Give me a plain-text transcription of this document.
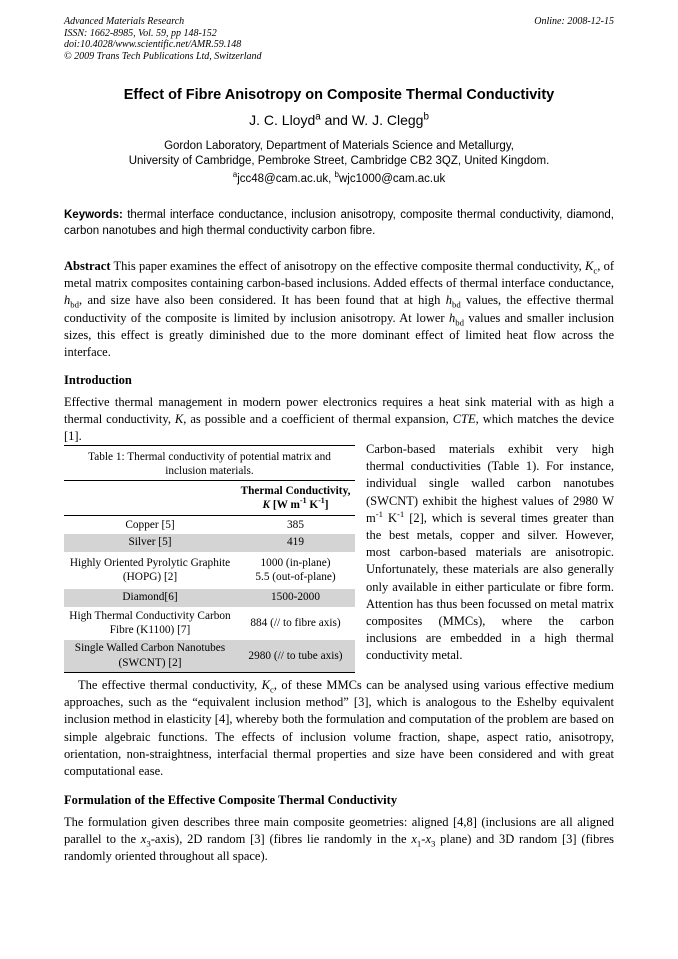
Advanced Materials Research
ISSN: 1662-8985, Vol. 59, pp 148-152
doi:10.4028/www.scientific.net/AMR.59.148
© 2009 Trans Tech Publications Ltd, Switzerland
Online: 2008-12-15
Effect of Fibre Anisotropy on Composite Thermal Conductivity
J. C. Lloyd$^a$ and W. J. Clegg$^b$
Gordon Laboratory, Department of Materials Science and Metallurgy,
University of Cambridge, Pembroke Street, Cambridge CB2 3QZ, United Kingdom.
$^a$jcc48@cam.ac.uk, $^b$wjc1000@cam.ac.uk
Keywords: thermal interface conductance, inclusion anisotropy, composite thermal conductivity, diamond, carbon nanotubes and high thermal conductivity carbon fibre.
Abstract This paper examines the effect of anisotropy on the effective composite thermal conductivity, $K_c$, of metal matrix composites containing carbon-based inclusions. Added effects of thermal interface conductance, $h_{bd}$, and size have also been considered. It has been found that at high $h_{bd}$ values, the effective thermal conductivity of the composite is limited by inclusion anisotropy. At lower $h_{bd}$ values and smaller inclusion sizes, this effect is greatly diminished due to the more dominant effect of limited heat flow across the interface.
Introduction
Effective thermal management in modern power electronics requires a heat sink material with as high a thermal conductivity, K, as possible and a coefficient of thermal expansion, CTE, which matches the device [1].
Table 1: Thermal conductivity of potential matrix and inclusion materials.
	Thermal Conductivity,
K [W $m^{-1}$ $K^{-1}$]
Copper [5]	385
Silver [5]	419
Highly Oriented Pyrolytic Graphite (HOPG) [2]	1000 (in-plane)
5.5 (out-of-plane)
Diamond[6]	1500-2000
High Thermal Conductivity Carbon Fibre (K1100) [7]	884 (// to fibre axis)
Single Walled Carbon Nanotubes (SWCNT) [2]	2980 (// to tube axis)
Carbon-based materials exhibit very high thermal conductivities (Table 1). For instance, individual single walled carbon nanotubes (SWCNT) exhibit the highest values of 2980 W $m^{-1}$ $K^{-1}$ [2], which is several times greater than the best metals, copper and silver. However, most carbon-based materials are anisotropic. Unfortunately, these materials are also generally only available in either particulate or fibre form. Attention has thus been focussed on metal matrix composites (MMCs), where the carbon inclusions are embedded in a high thermal conductivity metal.
The effective thermal conductivity, $K_c$, of these MMCs can be analysed using various effective medium approaches, such as the “equivalent inclusion method” [3], which is analogous to the Eshelby equivalent inclusion method in elasticity [4], whereby both the formulation and computation of the problem are based on simple algebraic functions. The effects of inclusion volume fraction, shape, aspect ratio, anisotropy, orientation, non-straightness, interfacial thermal properties and size have been considered and with great computational ease.
Formulation of the Effective Composite Thermal Conductivity
The formulation given describes three main composite geometries: aligned [4,8] (inclusions are all aligned parallel to the $x_3-axis$), 2D random [3] (fibres lie randomly in the $x_1-x_3$ plane) and 3D random [3] (fibres randomly oriented throughout all space).
